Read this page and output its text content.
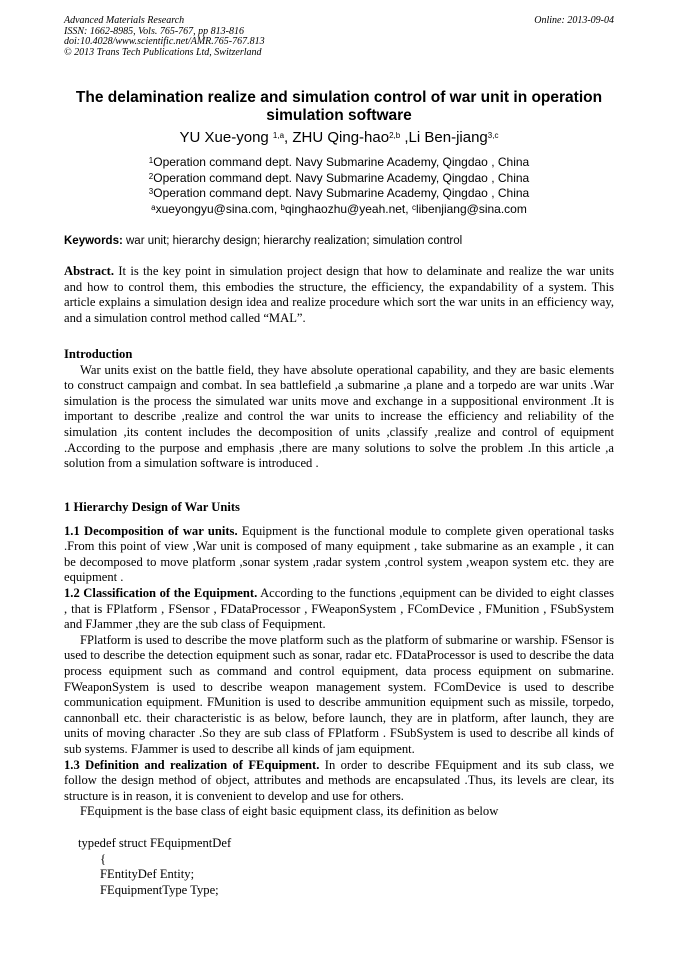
Advanced Materials Research
ISSN: 1662-8985, Vols. 765-767, pp 813-816
doi:10.4028/www.scientific.net/AMR.765-767.813
© 2013 Trans Tech Publications Ltd, Switzerland
Online: 2013-09-04
The delamination realize and simulation control of war unit in operation
simulation software
YU Xue-yong $^{1,a}$, ZHU Qing-hao$^{2,b}$ ,Li Ben-jiang$^{3,c}$
$^1$Operation command dept. Navy Submarine Academy, Qingdao , China
$^2$Operation command dept. Navy Submarine Academy, Qingdao , China
$^3$Operation command dept. Navy Submarine Academy, Qingdao , China
$^a$xueyongyu@sina.com, $^b$qinghaozhu@yeah.net, $^c$libenjiang@sina.com
Keywords: war unit; hierarchy design; hierarchy realization; simulation control

Abstract. It is the key point in simulation project design that how to delaminate and realize the war units and how to control them, this embodies the structure, the efficiency, the expandability of a system. This article explains a simulation design idea and realize procedure which sort the war units in an efficiency way, and a simulation control method called “MAL”.

Introduction

War units exist on the battle field, they have absolute operational capability, and they are basic elements to construct campaign and combat. In sea battlefield ,a submarine ,a plane and a torpedo are war units .War simulation is the process the simulated war units move and exchange in a suppositional environment .It is important to describe ,realize and control the war units to increase the efficiency and reliability of the simulation ,its content includes the decomposition of units ,classify ,realize and control of equipment .According to the purpose and emphasis ,there are many solutions to solve the problem .In this article ,a solution from a simulation software is introduced .

1 Hierarchy Design of War Units

1.1 Decomposition of war units. Equipment is the functional module to complete given operational tasks .From this point of view ,War unit is composed of many equipment , take submarine as an example , it can be decomposed to move platform ,sonar system ,radar system ,control system ,weapon system etc. they are equipment .

1.2 Classification of the Equipment. According to the functions ,equipment can be divided to eight classes , that is FPlatform , FSensor , FDataProcessor , FWeaponSystem , FComDevice , FMunition , FSubSystem and FJammer ,they are the sub class of Fequipment.

FPlatform is used to describe the move platform such as the platform of submarine or warship. FSensor is used to describe the detection equipment such as sonar, radar etc. FDataProcessor is used to describe the data process equipment such as command and control equipment, data process equipment on submarine. FWeaponSystem is used to describe weapon management system. FComDevice is used to describe communication equipment. FMunition is used to describe ammunition equipment such as missile, torpedo, cannonball etc. their characteristic is as below, before launch, they are in platform, after launch, they are units of moving character .So they are sub class of FPlatform . FSubSystem is used to describe all kinds of sub systems. FJammer is used to describe all kinds of jam equipment.

1.3 Definition and realization of FEquipment. In order to describe FEquipment and its sub class, we follow the design method of object, attributes and methods are encapsulated .Thus, its levels are clear, its structure is in reason, it is convenient to develop and use for others.

FEquipment is the base class of eight basic equipment class, its definition as below

typedef struct FEquipmentDef
{
FEntityDef Entity;
FEquipmentType Type;
